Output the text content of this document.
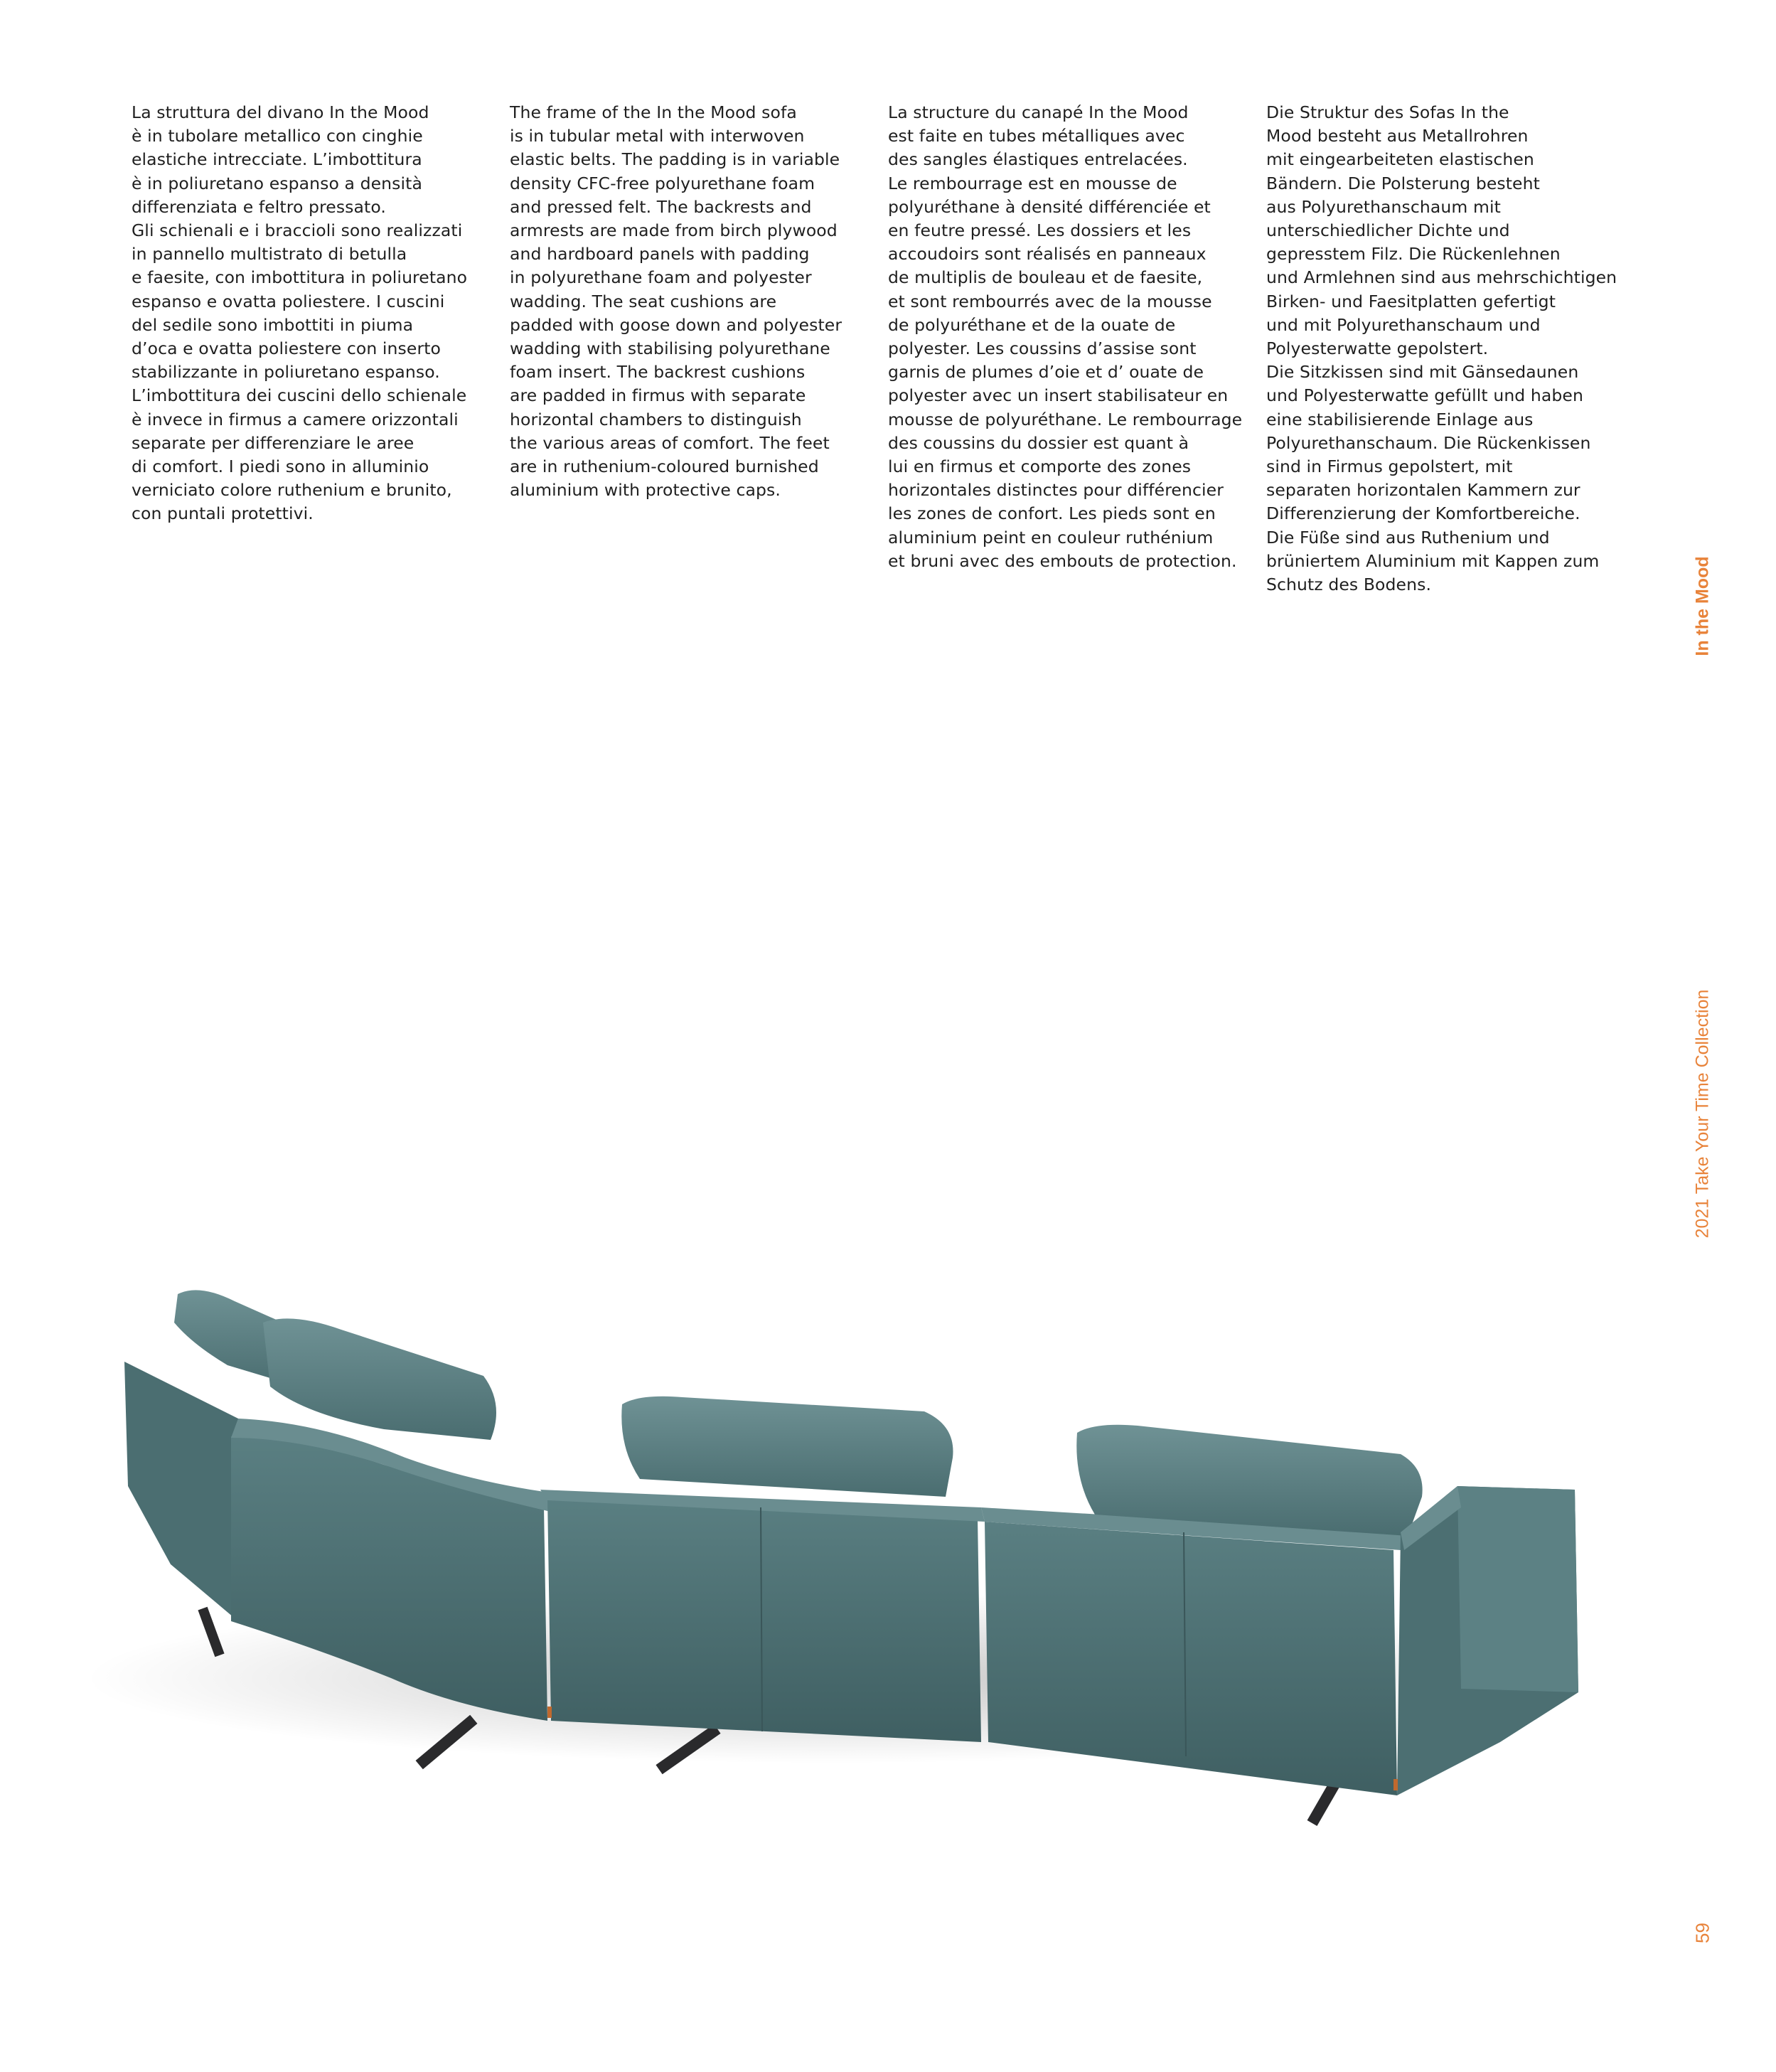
La struttura del divano In the Mood
è in tubolare metallico con cinghie
elastiche intrecciate. L’imbottitura
è in poliuretano espanso a densità
differenziata e feltro pressato.
Gli schienali e i braccioli sono realizzati
in pannello multistrato di betulla
e faesite, con imbottitura in poliuretano
espanso e ovatta poliestere. I cuscini
del sedile sono imbottiti in piuma
d’oca e ovatta poliestere con inserto
stabilizzante in poliuretano espanso.
L’imbottitura dei cuscini dello schienale
è invece in firmus a camere orizzontali
separate per differenziare le aree
di comfort. I piedi sono in alluminio
verniciato colore ruthenium e brunito,
con puntali protettivi.

The frame of the In the Mood sofa
is in tubular metal with interwoven
elastic belts. The padding is in variable
density CFC-free polyurethane foam
and pressed felt. The backrests and
armrests are made from birch plywood
and hardboard panels with padding
in polyurethane foam and polyester
wadding. The seat cushions are
padded with goose down and polyester
wadding with stabilising polyurethane
foam insert. The backrest cushions
are padded in firmus with separate
horizontal chambers to distinguish
the various areas of comfort. The feet
are in ruthenium-coloured burnished
aluminium with protective caps.

La structure du canapé In the Mood
est faite en tubes métalliques avec
des sangles élastiques entrelacées.
Le rembourrage est en mousse de
polyuréthane à densité différenciée et
en feutre pressé. Les dossiers et les
accoudoirs sont réalisés en panneaux
de multiplis de bouleau et de faesite,
et sont rembourrés avec de la mousse
de polyuréthane et de la ouate de
polyester. Les coussins d’assise sont
garnis de plumes d’oie et d’ ouate de
polyester avec un insert stabilisateur en
mousse de polyuréthane. Le rembourrage
des coussins du dossier est quant à
lui en firmus et comporte des zones
horizontales distinctes pour différencier
les zones de confort. Les pieds sont en
aluminium peint en couleur ruthénium
et bruni avec des embouts de protection.

Die Struktur des Sofas In the
Mood besteht aus Metallrohren
mit eingearbeiteten elastischen
Bändern. Die Polsterung besteht
aus Polyurethanschaum mit
unterschiedlicher Dichte und
gepresstem Filz. Die Rückenlehnen
und Armlehnen sind aus mehrschichtigen
Birken- und Faesitplatten gefertigt
und mit Polyurethanschaum und
Polyesterwatte gepolstert.
Die Sitzkissen sind mit Gänsedaunen
und Polyesterwatte gefüllt und haben
eine stabilisierende Einlage aus
Polyurethanschaum. Die Rückenkissen
sind in Firmus gepolstert, mit
separaten horizontalen Kammern zur
Differenzierung der Komfortbereiche.
Die Füße sind aus Ruthenium und
brüniertem Aluminium mit Kappen zum
Schutz des Bodens.	In the Mood
2021 Take Your Time Collection
59
